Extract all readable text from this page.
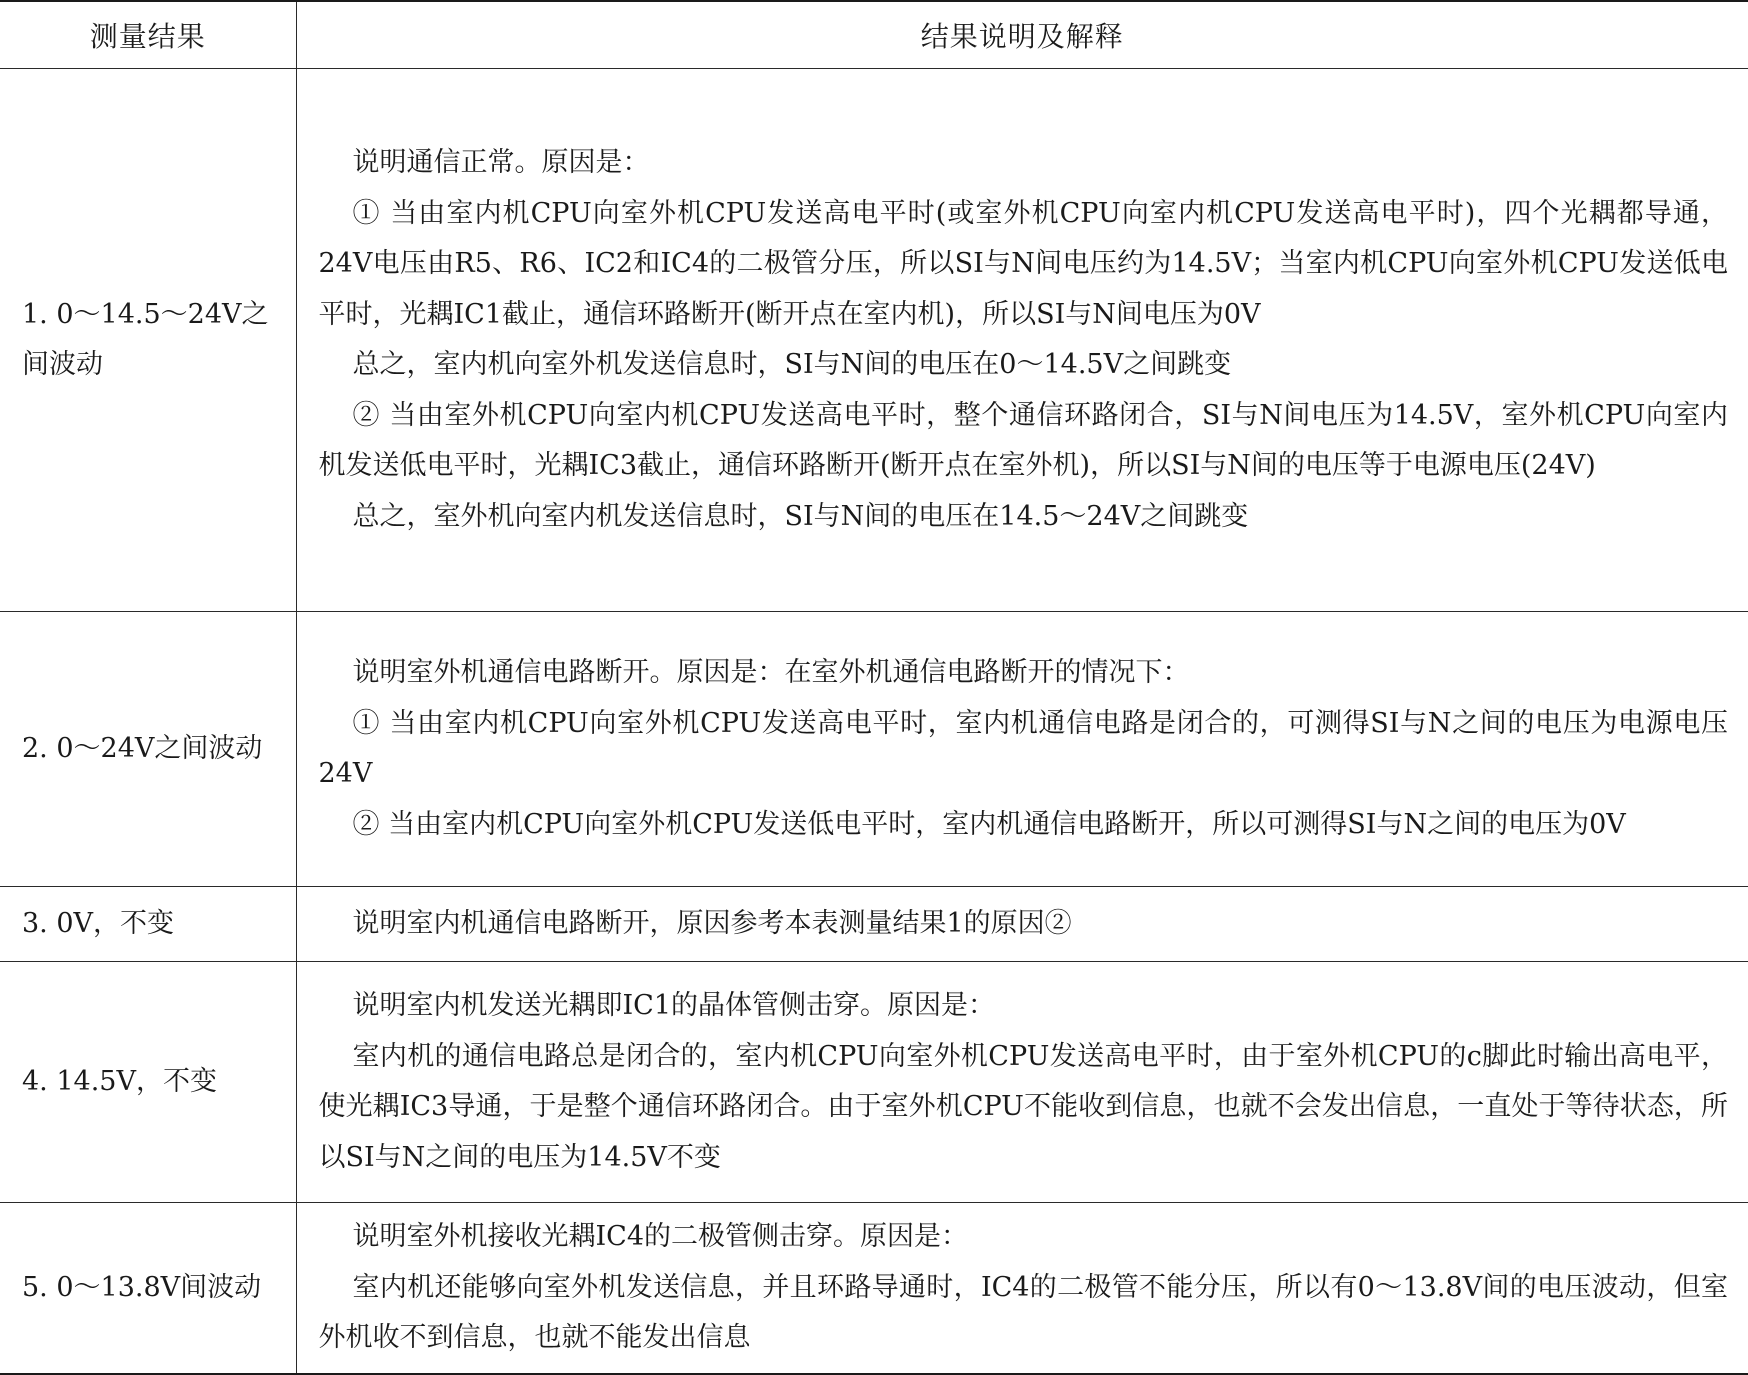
测量结果	结果说明及解释
1. 0～14.5～24V之间波动	说明通信正常。原因是：

① 当由室内机CPU向室外机CPU发送高电平时(或室外机CPU向室内机CPU发送高电平时)，四个光耦都导通，24V电压由R5、R6、IC2和IC4的二极管分压，所以SI与N间电压约为14.5V；当室内机CPU向室外机CPU发送低电平时，光耦IC1截止，通信环路断开(断开点在室内机)，所以SI与N间电压为0V

总之，室内机向室外机发送信息时，SI与N间的电压在0～14.5V之间跳变

② 当由室外机CPU向室内机CPU发送高电平时，整个通信环路闭合，SI与N间电压为14.5V，室外机CPU向室内机发送低电平时，光耦IC3截止，通信环路断开(断开点在室外机)，所以SI与N间的电压等于电源电压(24V)

总之，室外机向室内机发送信息时，SI与N间的电压在14.5～24V之间跳变

2. 0～24V之间波动	说明室外机通信电路断开。原因是：在室外机通信电路断开的情况下：

① 当由室内机CPU向室外机CPU发送高电平时，室内机通信电路是闭合的，可测得SI与N之间的电压为电源电压24V

② 当由室内机CPU向室外机CPU发送低电平时，室内机通信电路断开，所以可测得SI与N之间的电压为0V

3. 0V，不变	说明室内机通信电路断开，原因参考本表测量结果1的原因②

4. 14.5V，不变	说明室内机发送光耦即IC1的晶体管侧击穿。原因是：

室内机的通信电路总是闭合的，室内机CPU向室外机CPU发送高电平时，由于室外机CPU的c脚此时输出高电平，使光耦IC3导通，于是整个通信环路闭合。由于室外机CPU不能收到信息，也就不会发出信息，一直处于等待状态，所以SI与N之间的电压为14.5V不变

5. 0～13.8V间波动	说明室外机接收光耦IC4的二极管侧击穿。原因是：

室内机还能够向室外机发送信息，并且环路导通时，IC4的二极管不能分压，所以有0～13.8V间的电压波动，但室外机收不到信息，也就不能发出信息
